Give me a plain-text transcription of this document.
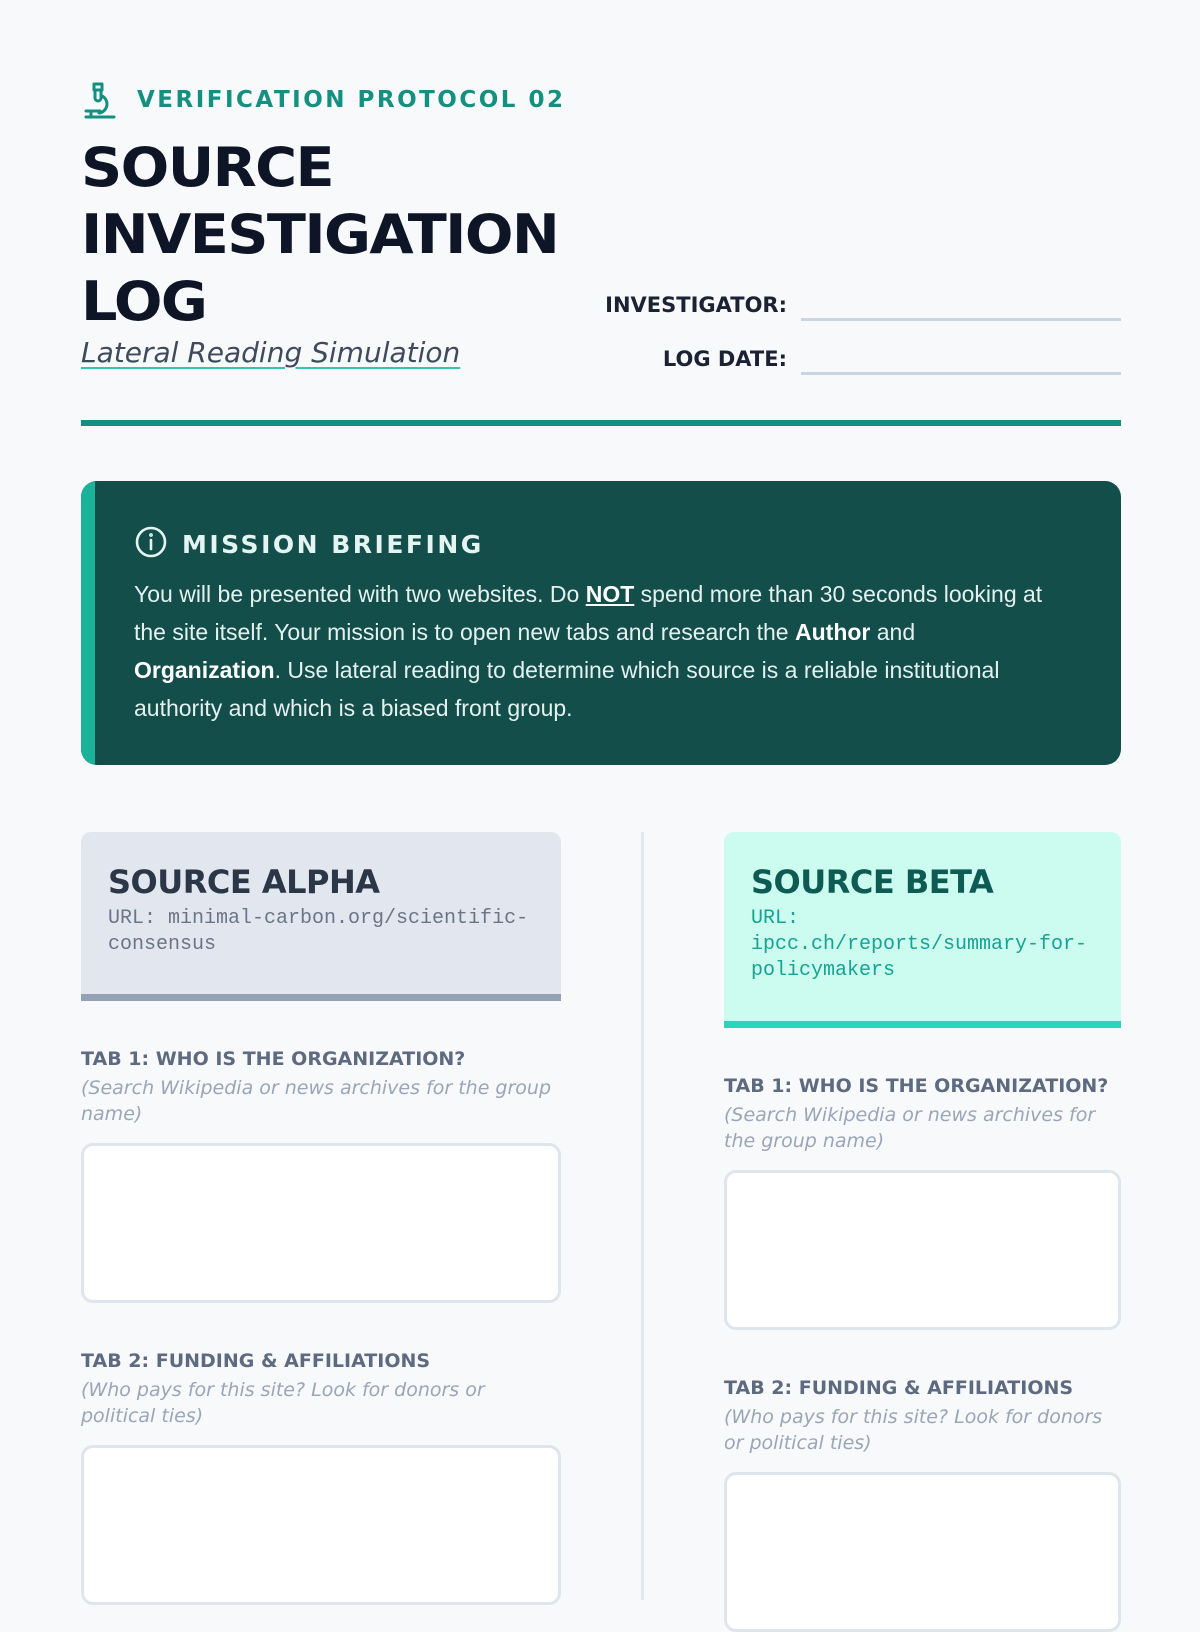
VERIFICATION PROTOCOL 02
SOURCE
INVESTIGATION
LOG
Lateral Reading Simulation
INVESTIGATOR:
LOG DATE:
MISSION BRIEFING
You will be presented with two websites. Do NOT spend more than 30 seconds looking at the site itself. Your mission is to open new tabs and research the Author and Organization. Use lateral reading to determine which source is a reliable institutional authority and which is a biased front group.
SOURCE ALPHA
URL: minimal-carbon.org/scientific-consensus
TAB 1: WHO IS THE ORGANIZATION?
(Search Wikipedia or news archives for the group name)
TAB 2: FUNDING & AFFILIATIONS
(Who pays for this site? Look for donors or political ties)
SOURCE BETA
URL:
ipcc.ch/reports/summary-for-policymakers
TAB 1: WHO IS THE ORGANIZATION?
(Search Wikipedia or news archives for the group name)
TAB 2: FUNDING & AFFILIATIONS
(Who pays for this site? Look for donors or political ties)
